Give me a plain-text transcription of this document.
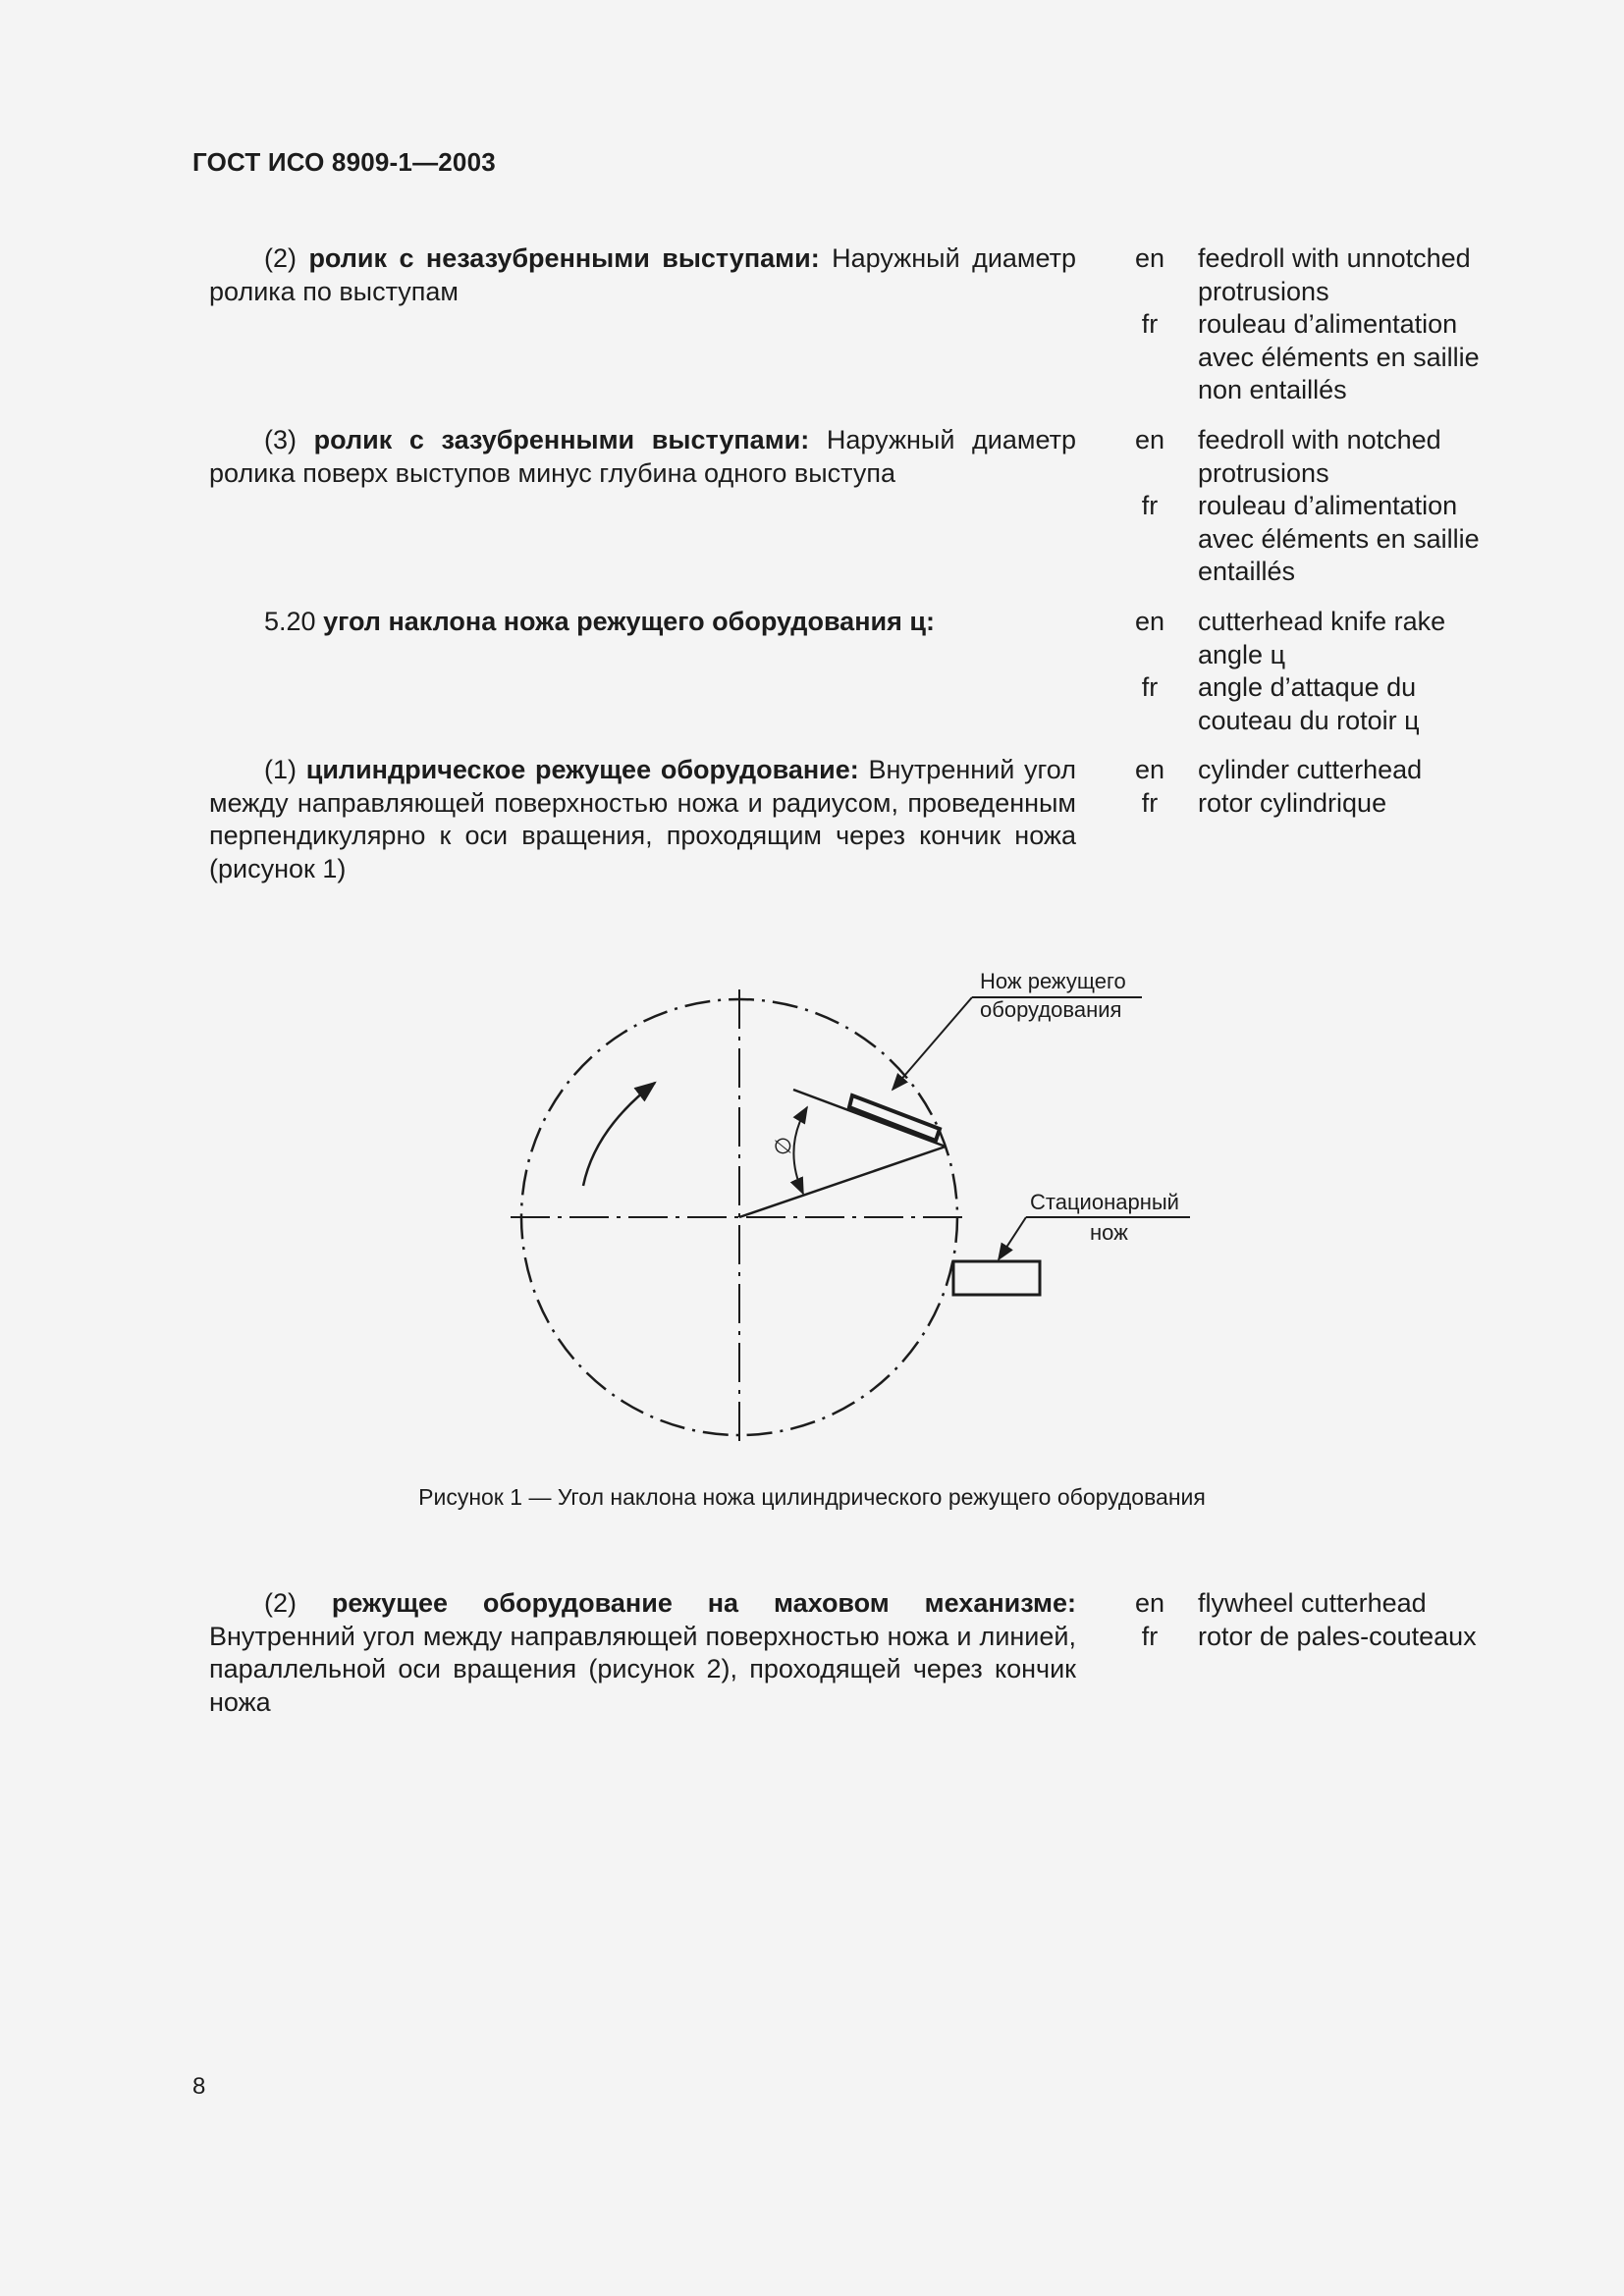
ГОСТ ИСО 8909-1—2003
(2) ролик с незазубренными выступами: Наружный диаметр ролика по выступам
en
fr
feedroll with unnotched
protrusions
rouleau d’alimentation
avec éléments en saillie
non entaillés
(3) ролик с зазубренными выступами: Наружный диаметр ролика поверх выступов минус глубина одного выступа
en
fr
feedroll with notched
protrusions
rouleau d’alimentation
avec éléments en saillie
entaillés
5.20 угол наклона ножа режущего оборудования ц:	en
fr
cutterhead knife rake
angle ц
angle d’attaque du
couteau du rotoir ц
(1) цилиндрическое режущее оборудование: Внутренний угол между направляющей поверхностью ножа и радиусом, проведенным перпендикулярно к оси вращения, проходящим через кончик ножа (рисунок 1)
en
fr
cylinder cutterhead
rotor cylindrique
∅
Нож режущего
оборудования
Стационарный
нож
Рисунок 1 — Угол наклона ножа цилиндрического режущего оборудования
(2) режущее оборудование на маховом механизме: Внутренний угол между направляющей поверхностью ножа и линией, параллельной оси вращения (рисунок 2), проходящей через кончик ножа
en
fr
flywheel cutterhead
rotor de pales-couteaux
8
